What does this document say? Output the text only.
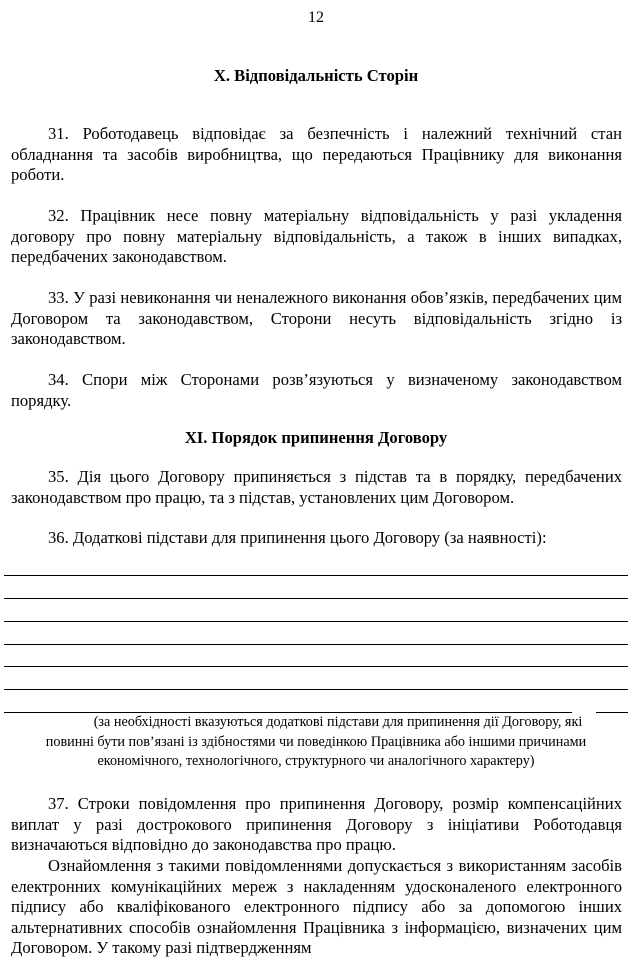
12
X. Відповідальність Сторін
31. Роботодавець відповідає за безпечність і належний технічний стан обладнання та засобів виробництва, що передаються Працівнику для виконання роботи.
32. Працівник несе повну матеріальну відповідальність у разі укладення договору про повну матеріальну відповідальність, а також в інших випадках, передбачених законодавством.
33. У разі невиконання чи неналежного виконання обов’язків, передбачених цим Договором та законодавством, Сторони несуть відповідальність згідно із законодавством.
34. Спори між Сторонами розв’язуються у визначеному законодавством порядку.
XI. Порядок припинення Договору
35. Дія цього Договору припиняється з підстав та в порядку, передбачених законодавством про працю, та з підстав, установлених цим Договором.
36. Додаткові підстави для припинення цього Договору (за наявності):
(за необхідності вказуються додаткові підстави для припинення дії Договору, які
повинні бути пов’язані із здібностями чи поведінкою Працівника або іншими причинами
економічного, технологічного, структурного чи аналогічного характеру)
37. Строки повідомлення про припинення Договору, розмір компенсаційних виплат у разі дострокового припинення Договору з ініціативи Роботодавця визначаються відповідно до законодавства про працю.
Ознайомлення з такими повідомленнями допускається з використанням засобів електронних комунікаційних мереж з накладенням удосконаленого електронного підпису або кваліфікованого електронного підпису або за допомогою інших альтернативних способів ознайомлення Працівника з інформацією, визначених цим Договором. У такому разі підтвердженням
